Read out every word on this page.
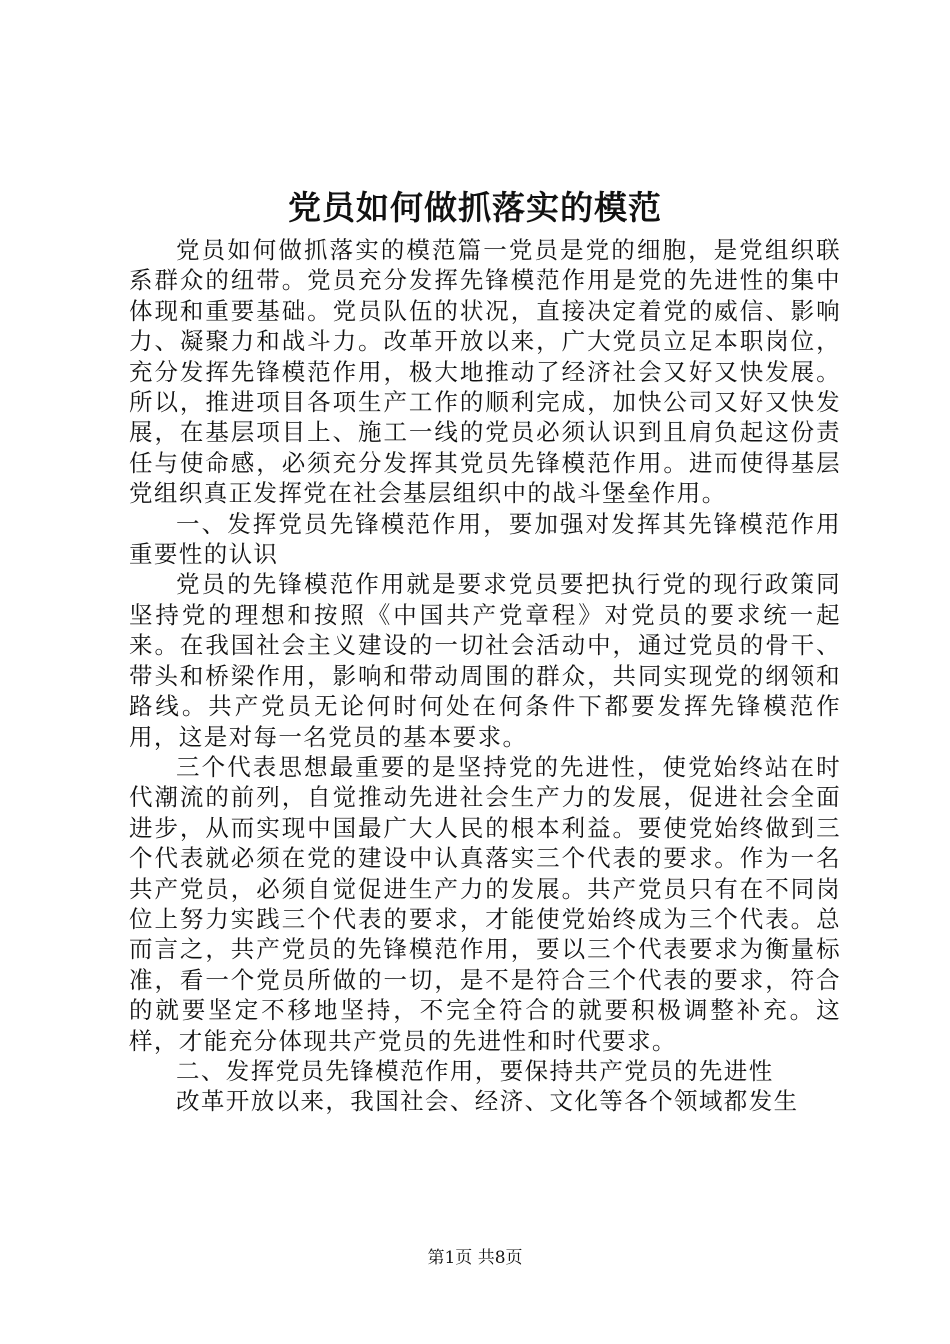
党员如何做抓落实的模范

党员如何做抓落实的模范篇一党员是党的细胞，是党组织联系群众的纽带。党员充分发挥先锋模范作用是党的先进性的集中体现和重要基础。党员队伍的状况，直接决定着党的威信、影响力、凝聚力和战斗力。改革开放以来，广大党员立足本职岗位，充分发挥先锋模范作用，极大地推动了经济社会又好又快发展。所以，推进项目各项生产工作的顺利完成，加快公司又好又快发展，在基层项目上、施工一线的党员必须认识到且肩负起这份责任与使命感，必须充分发挥其党员先锋模范作用。进而使得基层党组织真正发挥党在社会基层组织中的战斗堡垒作用。

一、发挥党员先锋模范作用，要加强对发挥其先锋模范作用重要性的认识

党员的先锋模范作用就是要求党员要把执行党的现行政策同坚持党的理想和按照《中国共产党章程》对党员的要求统一起来。在我国社会主义建设的一切社会活动中，通过党员的骨干、带头和桥梁作用，影响和带动周围的群众，共同实现党的纲领和路线。共产党员无论何时何处在何条件下都要发挥先锋模范作用，这是对每一名党员的基本要求。

三个代表思想最重要的是坚持党的先进性，使党始终站在时代潮流的前列，自觉推动先进社会生产力的发展，促进社会全面进步，从而实现中国最广大人民的根本利益。要使党始终做到三个代表就必须在党的建设中认真落实三个代表的要求。作为一名共产党员，必须自觉促进生产力的发展。共产党员只有在不同岗位上努力实践三个代表的要求，才能使党始终成为三个代表。总而言之，共产党员的先锋模范作用，要以三个代表要求为衡量标准，看一个党员所做的一切，是不是符合三个代表的要求，符合的就要坚定不移地坚持，不完全符合的就要积极调整补充。这样，才能充分体现共产党员的先进性和时代要求。

二、发挥党员先锋模范作用，要保持共产党员的先进性

改革开放以来，我国社会、经济、文化等各个领域都发生

第1页 共8页
